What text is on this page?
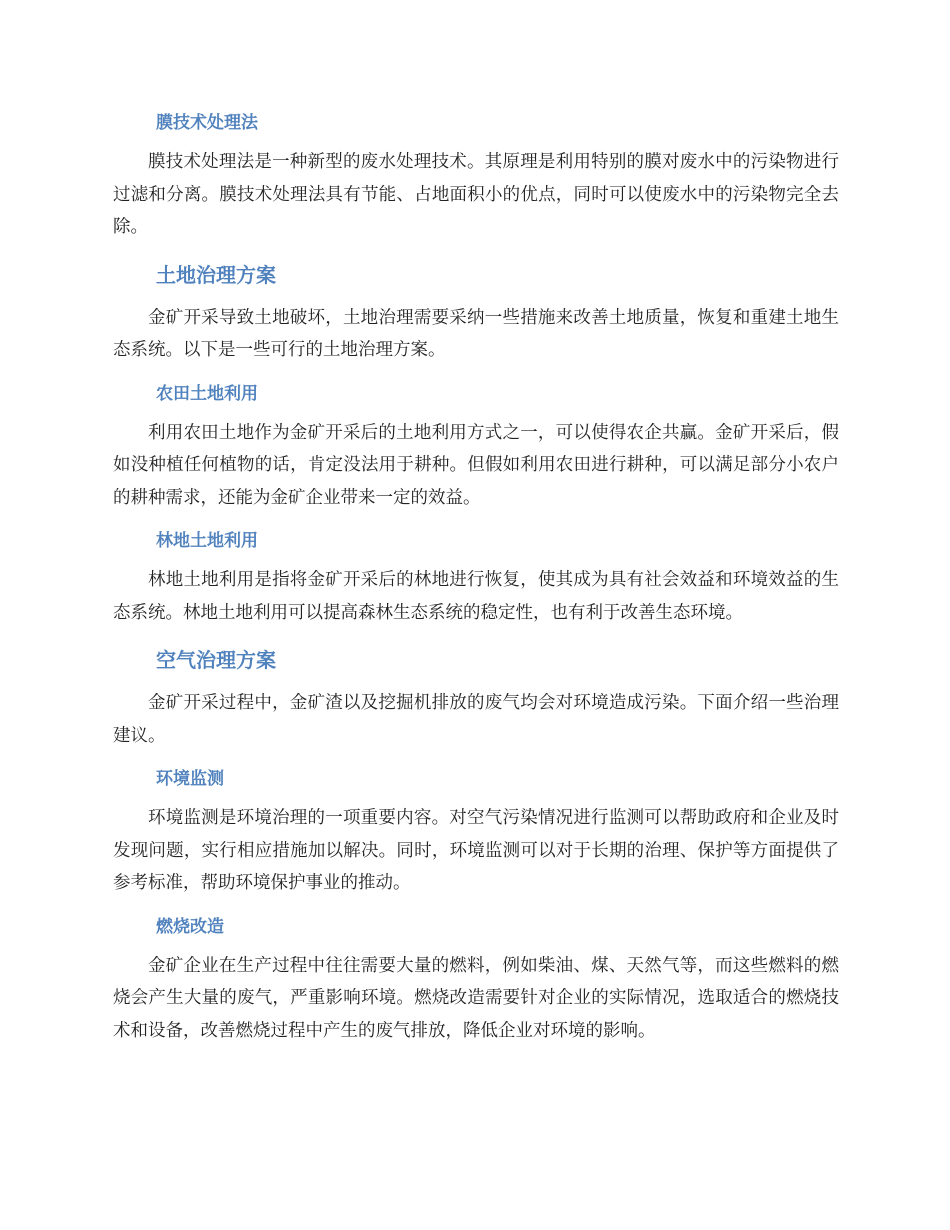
膜技术处理法

膜技术处理法是一种新型的废水处理技术。其原理是利用特别的膜对废水中的污染物进行过滤和分离。膜技术处理法具有节能、占地面积小的优点，同时可以使废水中的污染物完全去除。

土地治理方案

金矿开采导致土地破坏，土地治理需要采纳一些措施来改善土地质量，恢复和重建土地生态系统。以下是一些可行的土地治理方案。

农田土地利用

利用农田土地作为金矿开采后的土地利用方式之一，可以使得农企共赢。金矿开采后，假如没种植任何植物的话，肯定没法用于耕种。但假如利用农田进行耕种，可以满足部分小农户的耕种需求，还能为金矿企业带来一定的效益。

林地土地利用

林地土地利用是指将金矿开采后的林地进行恢复，使其成为具有社会效益和环境效益的生态系统。林地土地利用可以提高森林生态系统的稳定性，也有利于改善生态环境。

空气治理方案

金矿开采过程中，金矿渣以及挖掘机排放的废气均会对环境造成污染。下面介绍一些治理建议。

环境监测

环境监测是环境治理的一项重要内容。对空气污染情况进行监测可以帮助政府和企业及时发现问题，实行相应措施加以解决。同时，环境监测可以对于长期的治理、保护等方面提供了参考标准，帮助环境保护事业的推动。

燃烧改造

金矿企业在生产过程中往往需要大量的燃料，例如柴油、煤、天然气等，而这些燃料的燃烧会产生大量的废气，严重影响环境。燃烧改造需要针对企业的实际情况，选取适合的燃烧技术和设备，改善燃烧过程中产生的废气排放，降低企业对环境的影响。
